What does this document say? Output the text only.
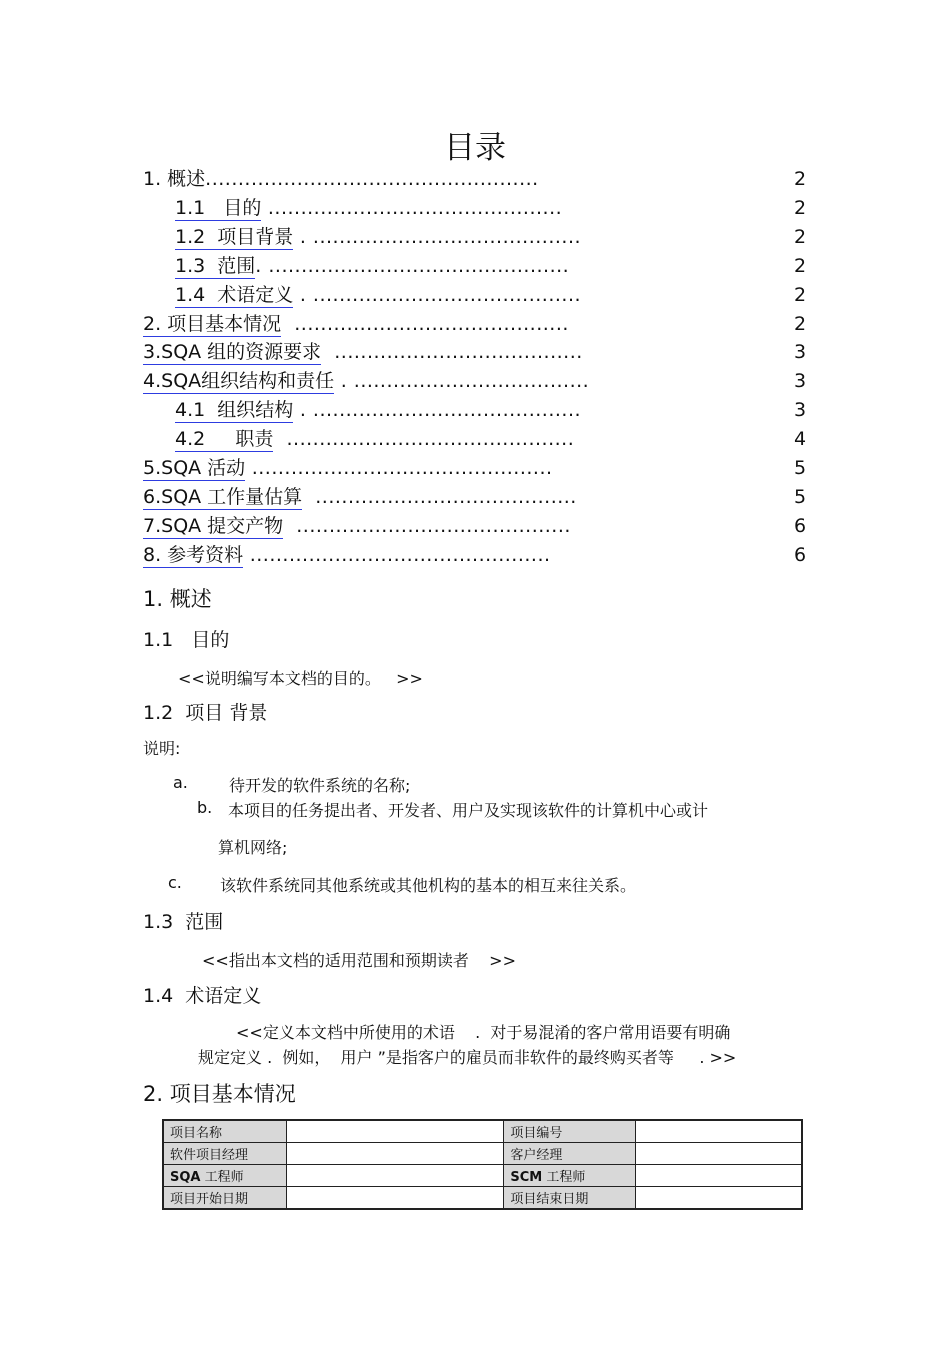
目录
1. 概述...................................................	2
1.1   目的 .............................................	2
1.2  项目背景 . .........................................	2
1.3  范围. ..............................................	2
1.4  术语定义 . .........................................	2
2. 项目基本情况  ..........................................	2
3.SQA 组的资源要求  ......................................	3
4.SQA组织结构和责任 . ....................................	3
4.1  组织结构 . .........................................	3
4.2     职责  ............................................	4
5.SQA 活动 ..............................................	5
6.SQA 工作量估算  ........................................	5
7.SQA 提交产物  ..........................................	6
8. 参考资料 ..............................................	6
1. 概述
1.1   目的
<<说明编写本文档的目的。   >>
1.2  项目 背景
说明:
a.	待开发的软件系统的名称;
b. 本项目的任务提出者、开发者、用户及实现该软件的计算机中心或计
算机网络;
c. 该软件系统同其他系统或其他机构的基本的相互来往关系。
1.3  范围
<<指出本文档的适用范围和预期读者    >>
1.4  术语定义
<<定义本文档中所使用的术语    .  对于易混淆的客户常用语要有明确
规定定义 .  例如，  用户 ”是指客户的雇员而非软件的最终购买者等     . >>
2. 项目基本情况
项目名称		项目编号	
软件项目经理		客户经理	
SQA 工程师		SCM 工程师	
项目开始日期		项目结束日期	
